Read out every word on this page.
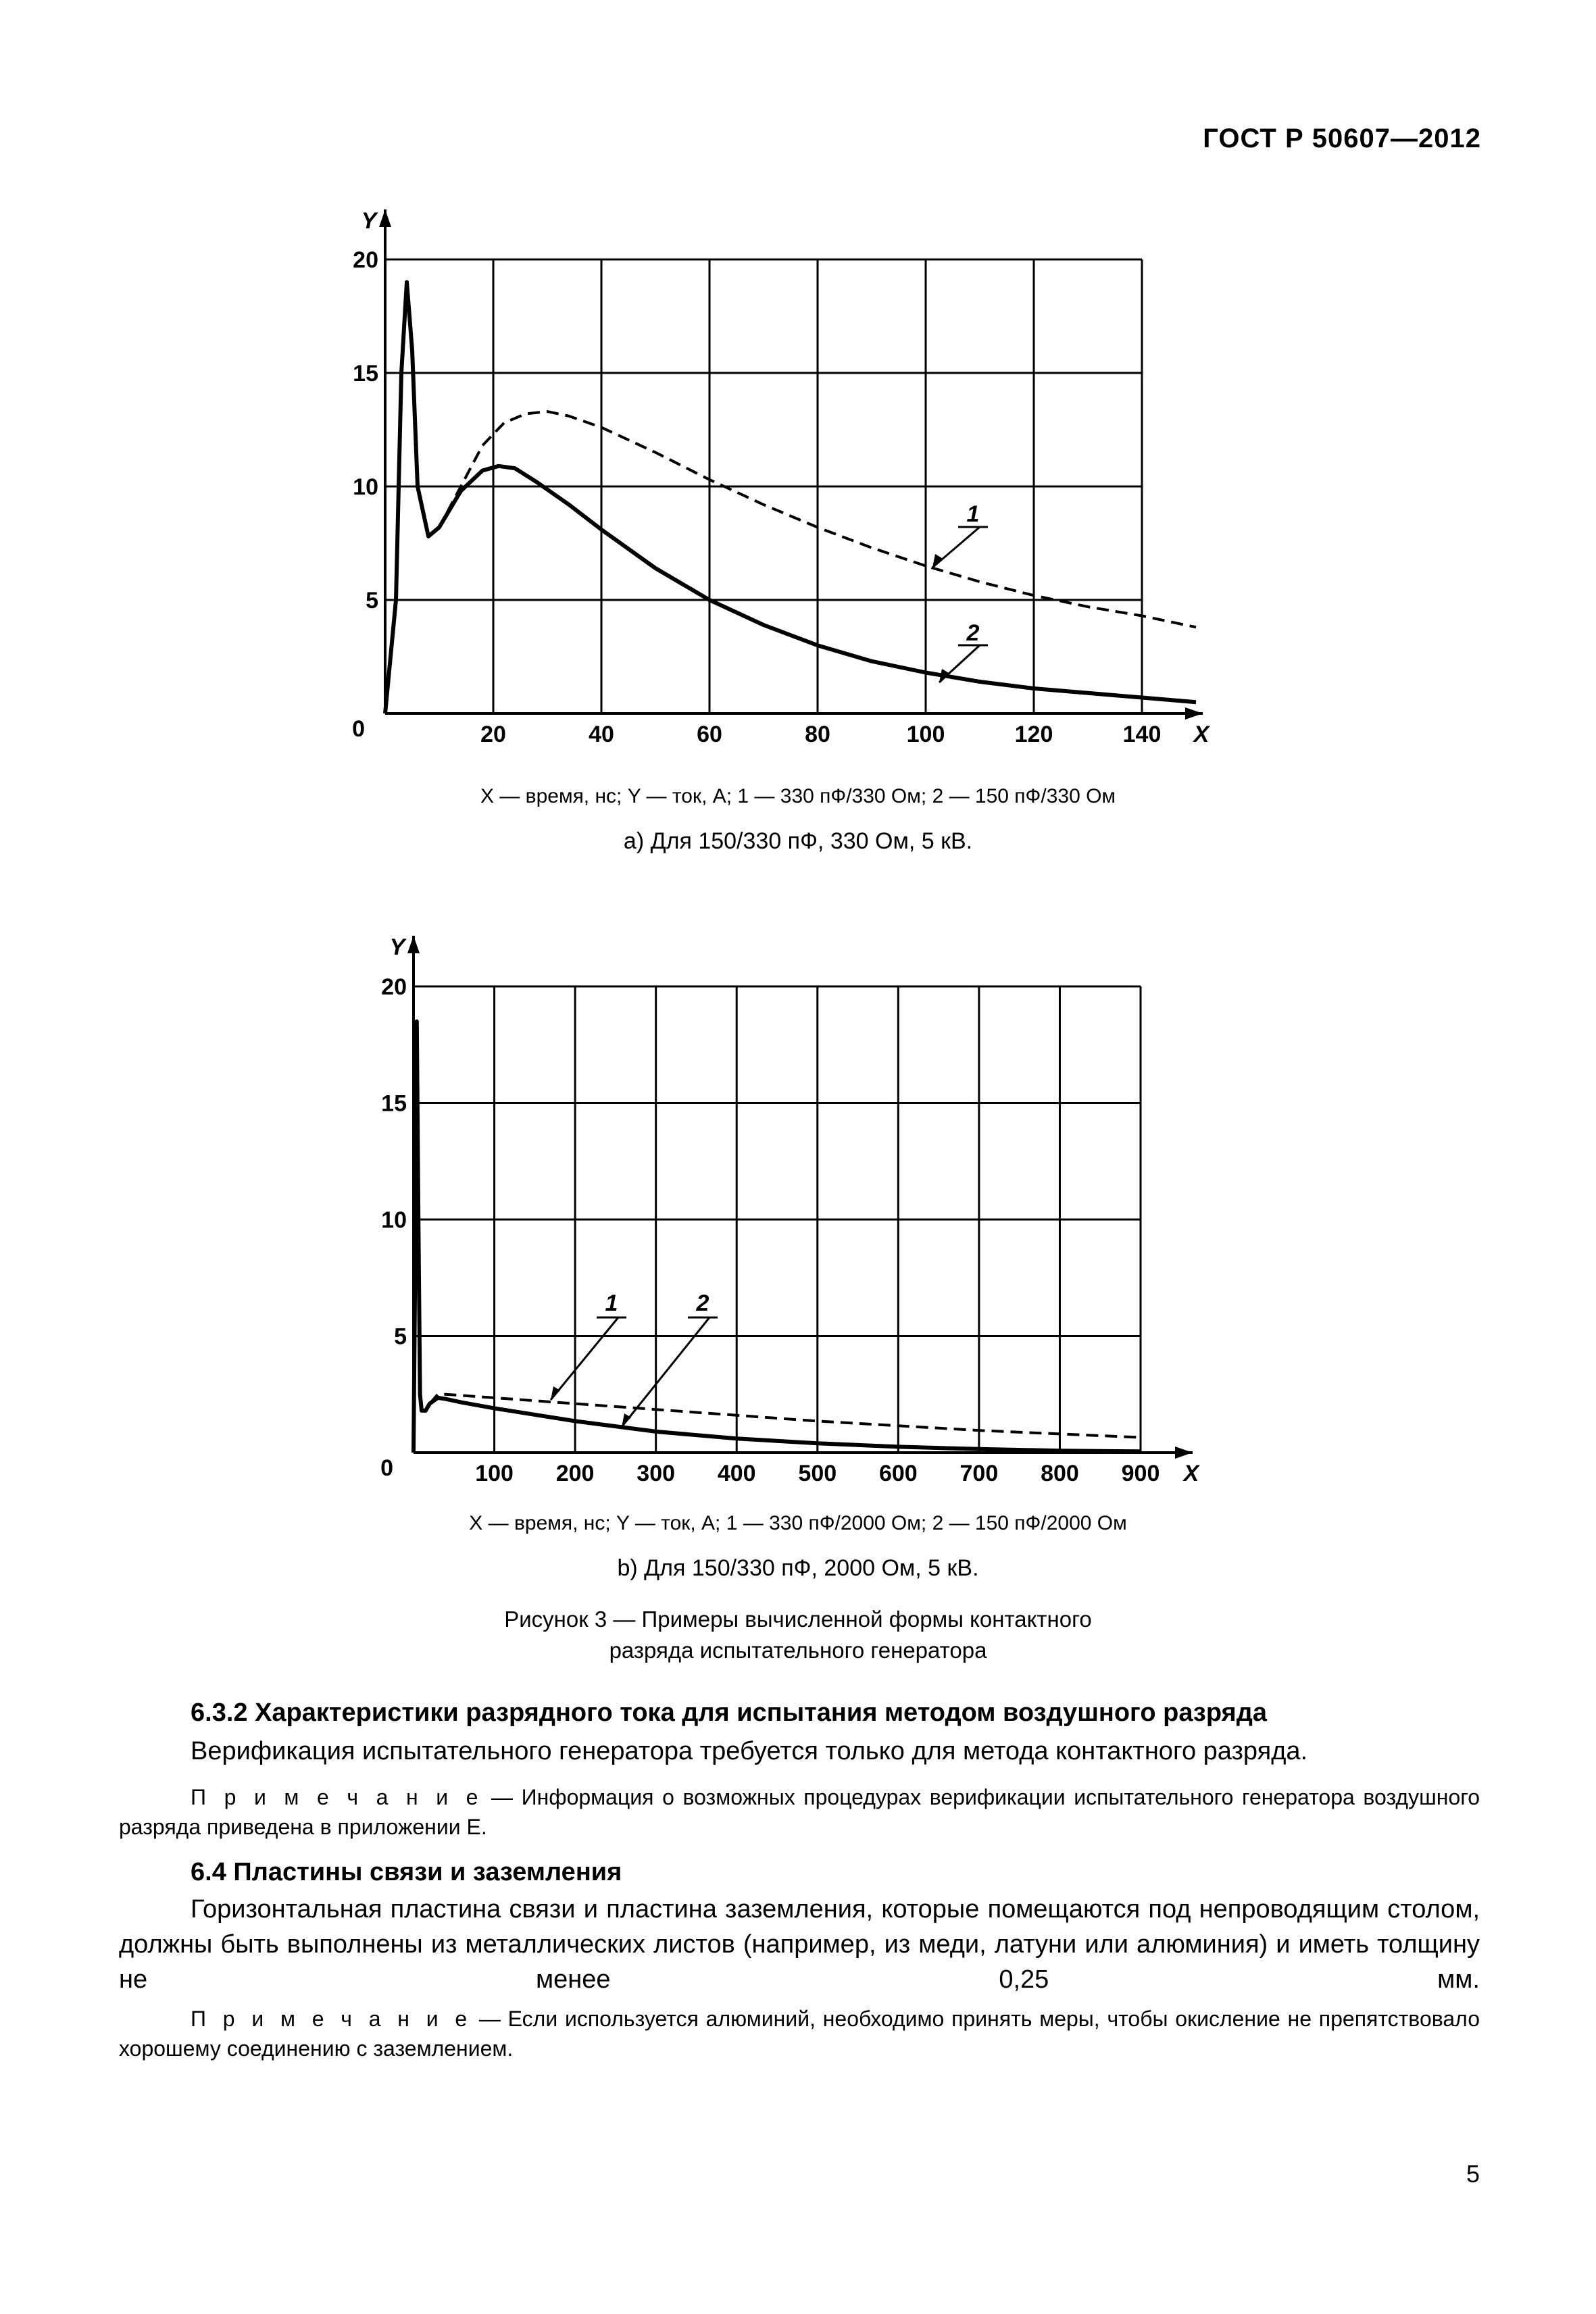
ГОСТ Р 50607—2012
X
Y
20	40	60	80	100	120	140
0
5
10
15
20
1
2
X — время, нс; Y — ток, А; 1 — 330 пФ/330 Ом; 2 — 150 пФ/330 Ом
a) Для 150/330 пФ, 330 Ом, 5 кВ.
X
Y
100 200 300 400 500 600 700 800 900
0
5
10
15
20
1	2
X — время, нс; Y — ток, А; 1 — 330 пФ/2000 Ом; 2 — 150 пФ/2000 Ом
b) Для 150/330 пФ, 2000 Ом, 5 кВ.
Рисунок 3 — Примеры вычисленной формы контактного
разряда испытательного генератора
6.3.2 Характеристики разрядного тока для испытания методом воздушного разряда
Верификация испытательного генератора требуется только для метода контактного разряда.
П р и м е ч а н и е — Информация о возможных процедурах верификации испытательного генератора воздушного разряда приведена в приложении Е.
6.4 Пластины связи и заземления
Горизонтальная пластина связи и пластина заземления, которые помещаются под непроводящим столом, должны быть выполнены из металлических листов (например, из меди, латуни или алюминия) и иметь толщину не менее 0,25 мм.
П р и м е ч а н и е — Если используется алюминий, необходимо принять меры, чтобы окисление не препятствовало хорошему соединению с заземлением.
5
